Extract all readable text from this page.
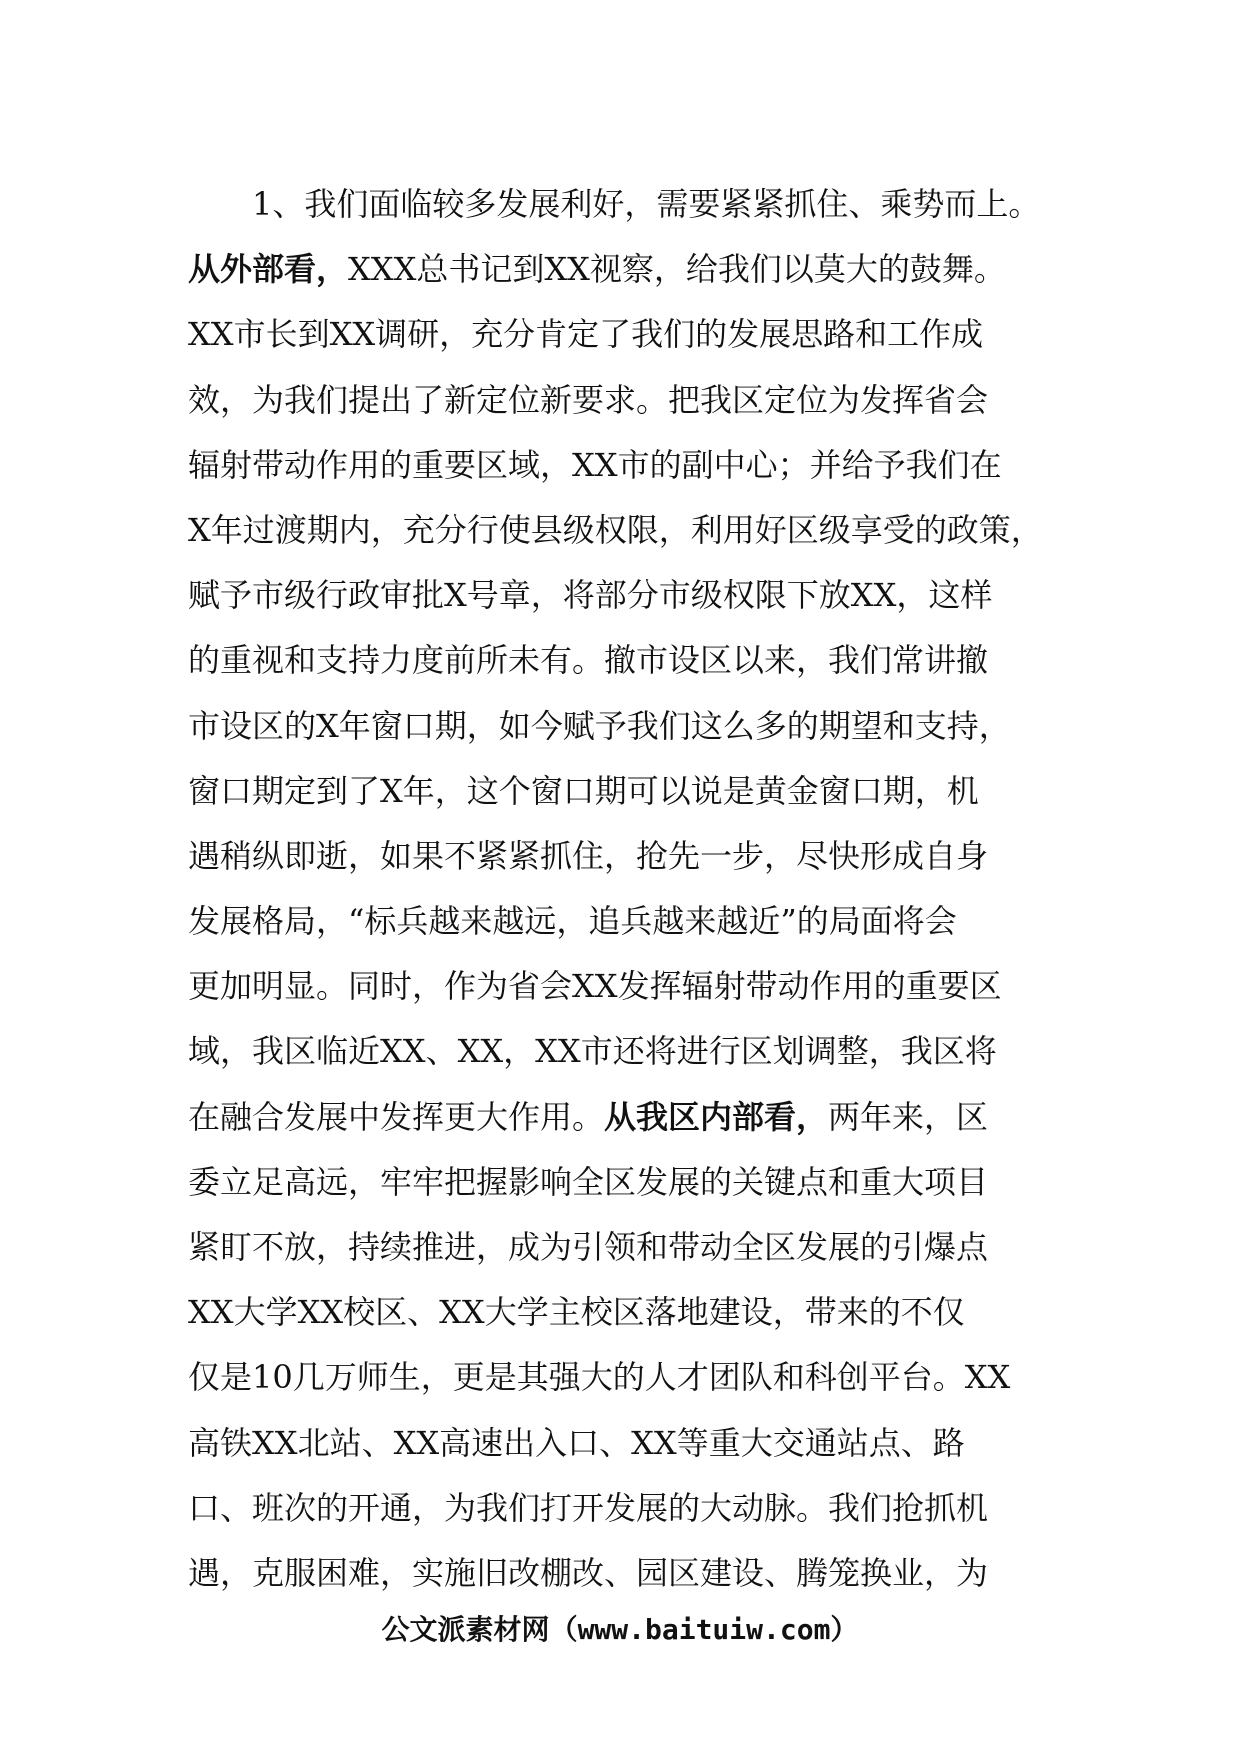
1、我们面临较多发展利好，需要紧紧抓住、乘势而上。
从外部看，XXX总书记到XX视察，给我们以莫大的鼓舞。
XX市长到XX调研，充分肯定了我们的发展思路和工作成
效，为我们提出了新定位新要求。把我区定位为发挥省会
辐射带动作用的重要区域，XX市的副中心；并给予我们在
X年过渡期内，充分行使县级权限，利用好区级享受的政策，
赋予市级行政审批X号章，将部分市级权限下放XX，这样
的重视和支持力度前所未有。撤市设区以来，我们常讲撤
市设区的X年窗口期，如今赋予我们这么多的期望和支持，
窗口期定到了X年，这个窗口期可以说是黄金窗口期，机
遇稍纵即逝，如果不紧紧抓住，抢先一步，尽快形成自身
发展格局，“标兵越来越远，追兵越来越近”的局面将会
更加明显。同时，作为省会XX发挥辐射带动作用的重要区
域，我区临近XX、XX，XX市还将进行区划调整，我区将
在融合发展中发挥更大作用。从我区内部看，两年来，区
委立足高远，牢牢把握影响全区发展的关键点和重大项目
紧盯不放，持续推进，成为引领和带动全区发展的引爆点
XX大学XX校区、XX大学主校区落地建设，带来的不仅
仅是10几万师生，更是其强大的人才团队和科创平台。XX
高铁XX北站、XX高速出入口、XX等重大交通站点、路
口、班次的开通，为我们打开发展的大动脉。我们抢抓机
遇，克服困难，实施旧改棚改、园区建设、腾笼换业，为
公文派素材网（www.baituiw.com）
